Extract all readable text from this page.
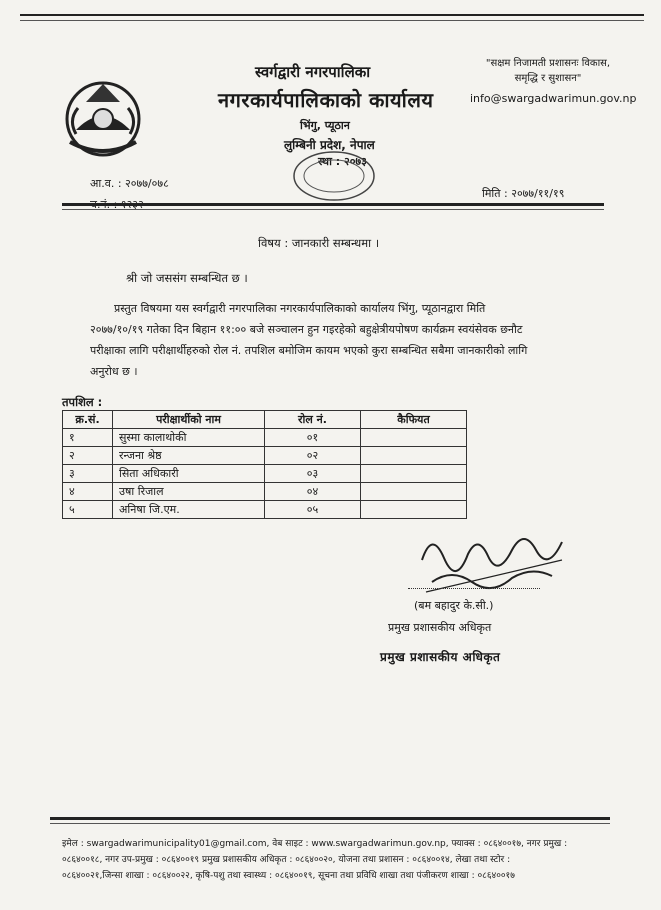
स्वर्गद्वारी नगरपालिका
नगरकार्यपालिकाको कार्यालय
भिंगु, प्यूठान
लुम्बिनी प्रदेश, नेपाल
स्था : २०७३
"सक्षम निजामती प्रशासनः विकास,
समृद्धि र सुशासन"
info@swargadwarimun.gov.np
आ.व. : २०७७/०७८
च.नं. : १२३२
मिति : २०७७/११/१९
विषय : जानकारी सम्बन्धमा ।
श्री जो जससंग सम्बन्धित छ ।
प्रस्तुत विषयमा यस स्वर्गद्वारी नगरपालिका नगरकार्यपालिकाको कार्यालय भिंगु, प्यूठानद्वारा मिति
२०७७/१०/१९ गतेका दिन बिहान ११:०० बजे सञ्चालन हुन गइरहेको बहुक्षेत्रीयपोषण कार्यक्रम स्वयंसेवक छनौट
परीक्षाका लागि परीक्षार्थीहरुको रोल नं. तपशिल बमोजिम कायम भएको कुरा सम्बन्धित सबैमा जानकारीको लागि
अनुरोध छ ।
तपशिल :
क्र.सं.	परीक्षार्थीको नाम	रोल नं.	कैफियत
१	सुस्मा कालाथोकी	०१	
२	रन्जना श्रेष्ठ	०२	
३	सिता अधिकारी	०३	
४	उषा रिजाल	०४	
५	अनिषा जि.एम.	०५	
(बम बहादुर के.सी.)
प्रमुख प्रशासकीय अधिकृत
प्रमुख प्रशासकीय अधिकृत
इमेल : swargadwarimunicipality01@gmail.com, वेब साइट : www.swargadwarimun.gov.np, फ्याक्स : ०८६४००१७, नगर प्रमुख :
०८६४००१८, नगर उप-प्रमुख : ०८६४००१९ प्रमुख प्रशासकीय अधिकृत : ०८६४००२०, योजना तथा प्रशासन : ०८६४००१४, लेखा तथा स्टोर :
०८६४००२१,जिन्सा शाखा : ०८६४००२२, कृषि-पशु तथा स्वास्थ्य : ०८६४००१९, सूचना तथा प्रविधि शाखा तथा पंजीकरण शाखा : ०८६४००१७
